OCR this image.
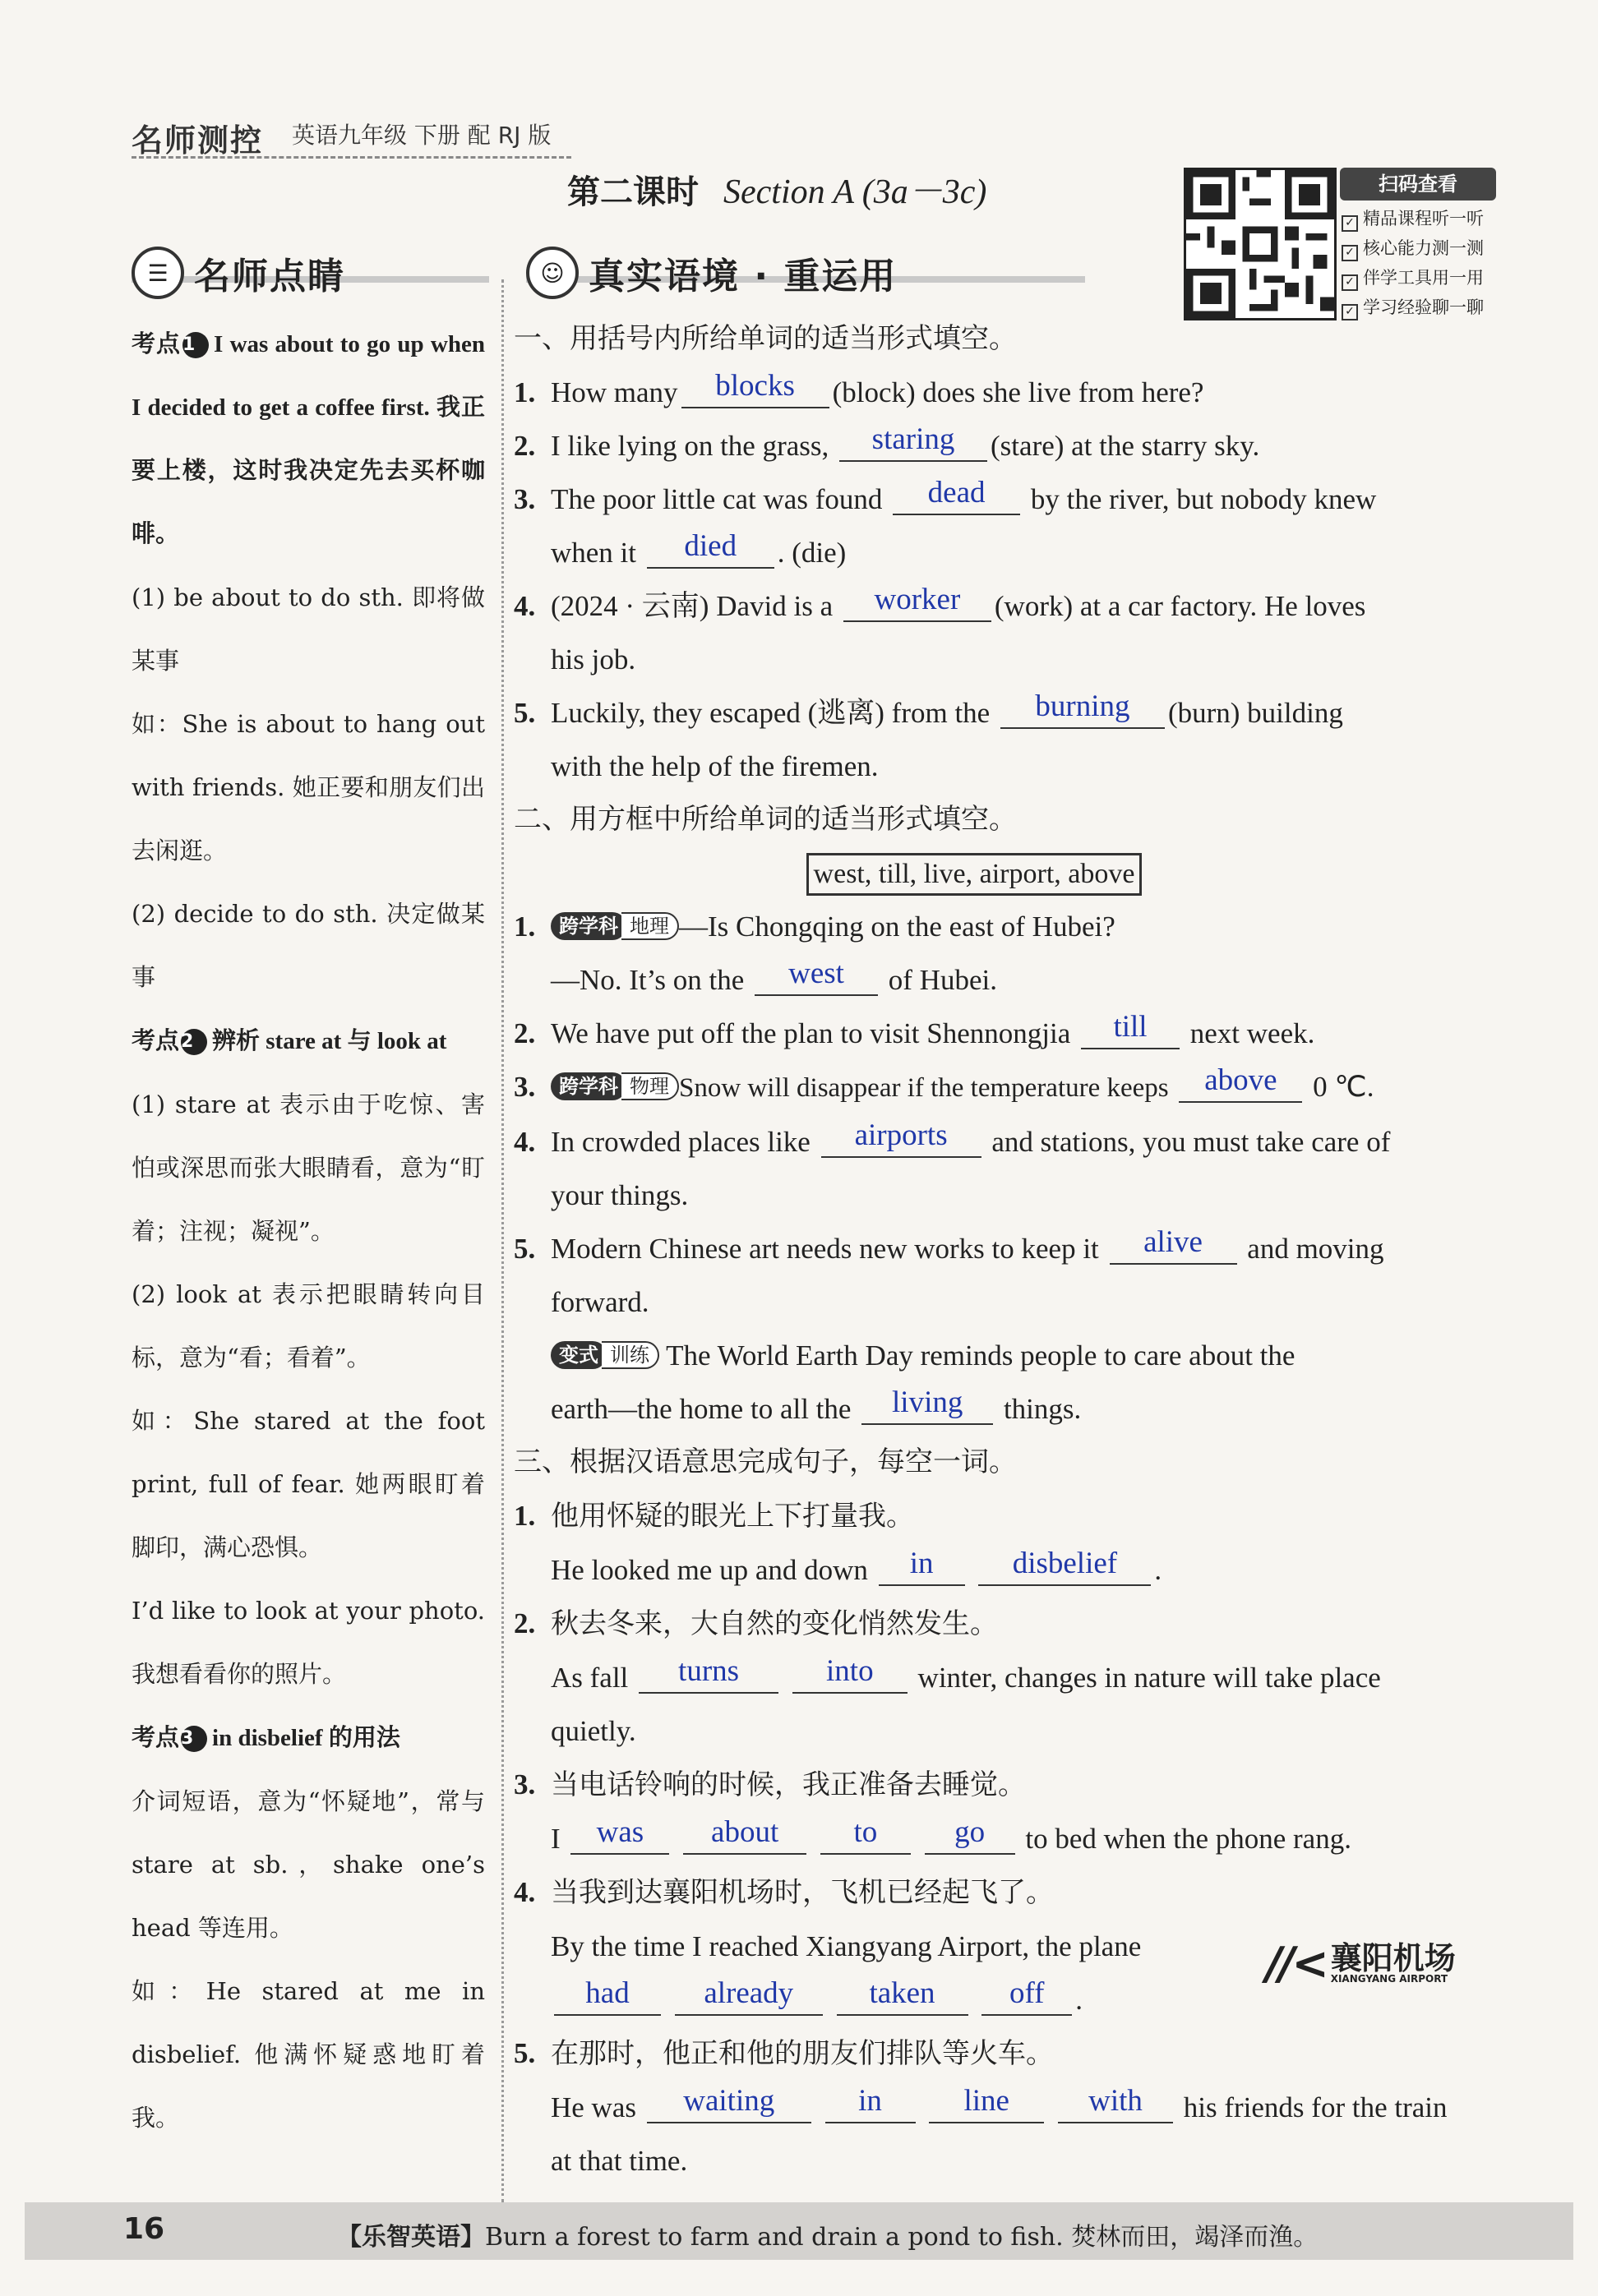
名师测控 英语九年级 下册 配 RJ 版
第二课时 Section A (3a－3c)	扫码查看
✓ 精品课程听一听
✓ 核心能力测一测
✓ 伴学工具用一用
✓ 学习经验聊一聊
☰ 名师点睛	☺ 真实语境 · 重运用

考点1 I was about to go up when I decided to get a coffee first. 我正要上楼，这时我决定先去买杯咖啡。

(1) be about to do sth. 即将做某事

如：She is about to hang out with friends. 她正要和朋友们出去闲逛。

(2) decide to do sth. 决定做某事

考点2 辨析 stare at 与 look at

(1) stare at 表示由于吃惊、害怕或深思而张大眼睛看，意为“盯着；注视；凝视”。

(2) look at 表示把眼睛转向目标，意为“看；看着”。

如：She stared at the foot print, full of fear. 她两眼盯着脚印，满心恐惧。

I’d like to look at your photo. 我想看看你的照片。

考点3 in disbelief 的用法

介词短语，意为“怀疑地”，常与 stare at sb.，shake one’s head 等连用。

如：He stared at me in disbelief. 他满怀疑惑地盯着我。

一、用括号内所给单词的适当形式填空。
1. How many blocks (block) does she live from here?
2. I like lying on the grass, staring (stare) at the starry sky.
3. The poor little cat was found dead by the river, but nobody knew
when it died . (die)
4. (2024 · 云南) David is a worker (work) at a car factory. He loves
his job.
5. Luckily, they escaped (逃离) from the burning (burn) building
with the help of the firemen.
二、用方框中所给单词的适当形式填空。
west, till, live, airport, above
1. 跨学科 地理 —Is Chongqing on the east of Hubei?
—No. It’s on the west of Hubei.
2. We have put off the plan to visit Shennongjia till next week.
3. 跨学科 物理 Snow will disappear if the temperature keeps above 0 ℃.
4. In crowded places like airports and stations, you must take care of
your things.
5. Modern Chinese art needs new works to keep it alive and moving
forward.
变式 训练 The World Earth Day reminds people to care about the
earth—the home to all the living things.
三、根据汉语意思完成句子，每空一词。
1. 他用怀疑的眼光上下打量我。
He looked me up and down in	disbelief .
2. 秋去冬来，大自然的变化悄然发生。
As fall turns	into winter, changes in nature will take place
quietly.
3. 当电话铃响的时候，我正准备去睡觉。
I was about to	go to bed when the phone rang.
4. 当我到达襄阳机场时，飞机已经起飞了。
By the time I reached Xiangyang Airport, the plane
had already taken off .
5. 在那时，他正和他的朋友们排队等火车。
He was waiting	in	line	with his friends for the train
at that time.
//< 襄阳机场
XIANGYANG AIRPORT
16	【乐智英语】Burn a forest to farm and drain a pond to fish. 焚林而田，竭泽而渔。
